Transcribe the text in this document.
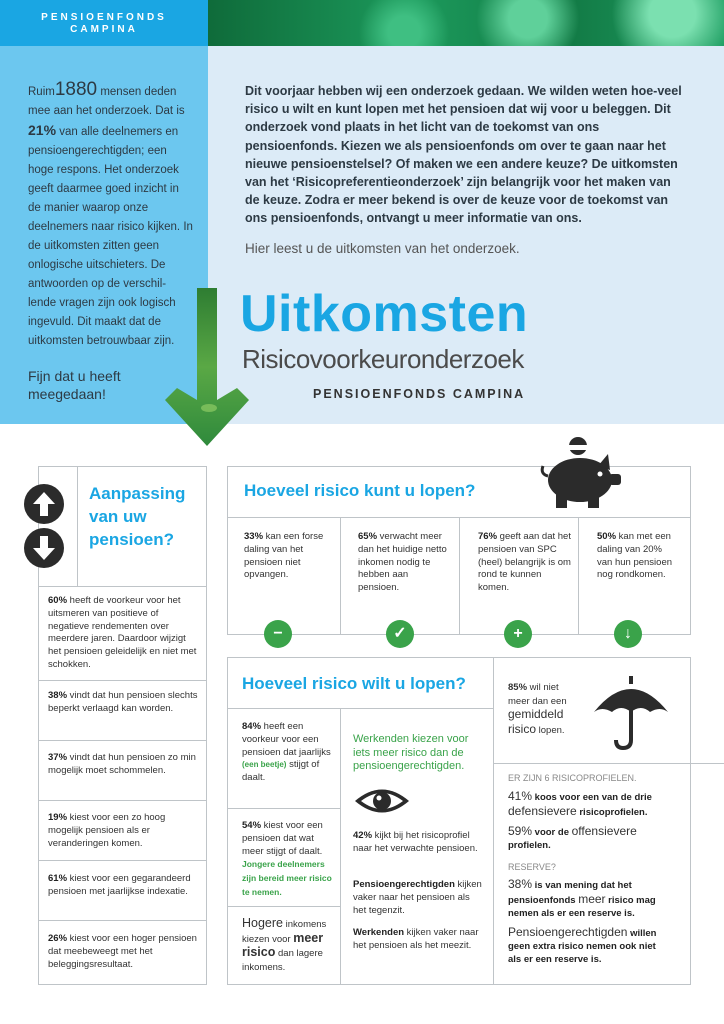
PENSIOENFONDS
CAMPINA

Ruim1880 mensen deden mee aan het onderzoek. Dat is 21% van alle deelnemers en pensioengerechtigden; een hoge respons. Het onderzoek geeft daarmee goed inzicht in de manier waarop onze deelnemers naar risico kijken. In de uitkomsten zitten geen onlogische uitschieters. De antwoorden op de verschil-lende vragen zijn ook logisch ingevuld. Dit maakt dat de uitkomsten betrouwbaar zijn.

Fijn dat u heeft meegedaan!

Dit voorjaar hebben wij een onderzoek gedaan. We wilden weten hoe-veel risico u wilt en kunt lopen met het pensioen dat wij voor u beleggen. Dit onderzoek vond plaats in het licht van de toekomst van ons pensioenfonds. Kiezen we als pensioenfonds om over te gaan naar het nieuwe pensioenstelsel? Of maken we een andere keuze? De uitkomsten van het ‘Risicopreferentieonderzoek’ zijn belangrijk voor het maken van de keuze. Zodra er meer bekend is over de keuze voor de toekomst van ons pensioenfonds, ontvangt u meer informatie van ons.

Hier leest u de uitkomsten van het onderzoek.

Uitkomsten
Risicovoorkeuronderzoek
PENSIOENFONDS CAMPINA
Aanpassing van uw pensioen?
60% heeft de voorkeur voor het uitsmeren van positieve of negatieve rendementen over meerdere jaren. Daardoor wijzigt het pensioen geleidelijk en niet met schokken.
38% vindt dat hun pensioen slechts beperkt verlaagd kan worden.
37% vindt dat hun pensioen zo min mogelijk moet schommelen.
19% kiest voor een zo hoog mogelijk pensioen als er veranderingen komen.
61% kiest voor een gegarandeerd pensioen met jaarlijkse indexatie.
26% kiest voor een hoger pensioen dat meebeweegt met het beleggingsresultaat.
Hoeveel risico kunt u lopen?
33% kan een forse daling van het pensioen niet opvangen.
65% verwacht meer dan het huidige netto inkomen nodig te hebben aan pensioen.
76% geeft aan dat het pensioen van SPC (heel) belangrijk is om rond te kunnen komen.
50% kan met een daling van 20% van hun pensioen nog rondkomen.
−	✓	+	↓
Hoeveel risico wilt u lopen?
84% heeft een voorkeur voor een pensioen dat jaarlijks (een beetje) stijgt of daalt.
54% kiest voor een pensioen dat wat meer stijgt of daalt.
Jongere deelnemers zijn bereid meer risico te nemen.
Hogere inkomens kiezen voor meer risico dan lagere inkomens.
Werkenden kiezen voor iets meer risico dan de pensioengerechtigden.
42% kijkt bij het risicoprofiel naar het verwachte pensioen.
Pensioengerechtigden kijken vaker naar het pensioen als het tegenzit.
Werkenden kijken vaker naar het pensioen als het meezit.
85% wil niet meer dan een gemiddeld risico lopen.
ER ZIJN 6 RISICOPROFIELEN.
41% koos voor een van de drie defensievere risicoprofielen.
59% voor de offensievere profielen.
RESERVE?
38% is van mening dat het pensioenfonds meer risico mag nemen als er een reserve is.
Pensioengerechtigden willen geen extra risico nemen ook niet als er een reserve is.
